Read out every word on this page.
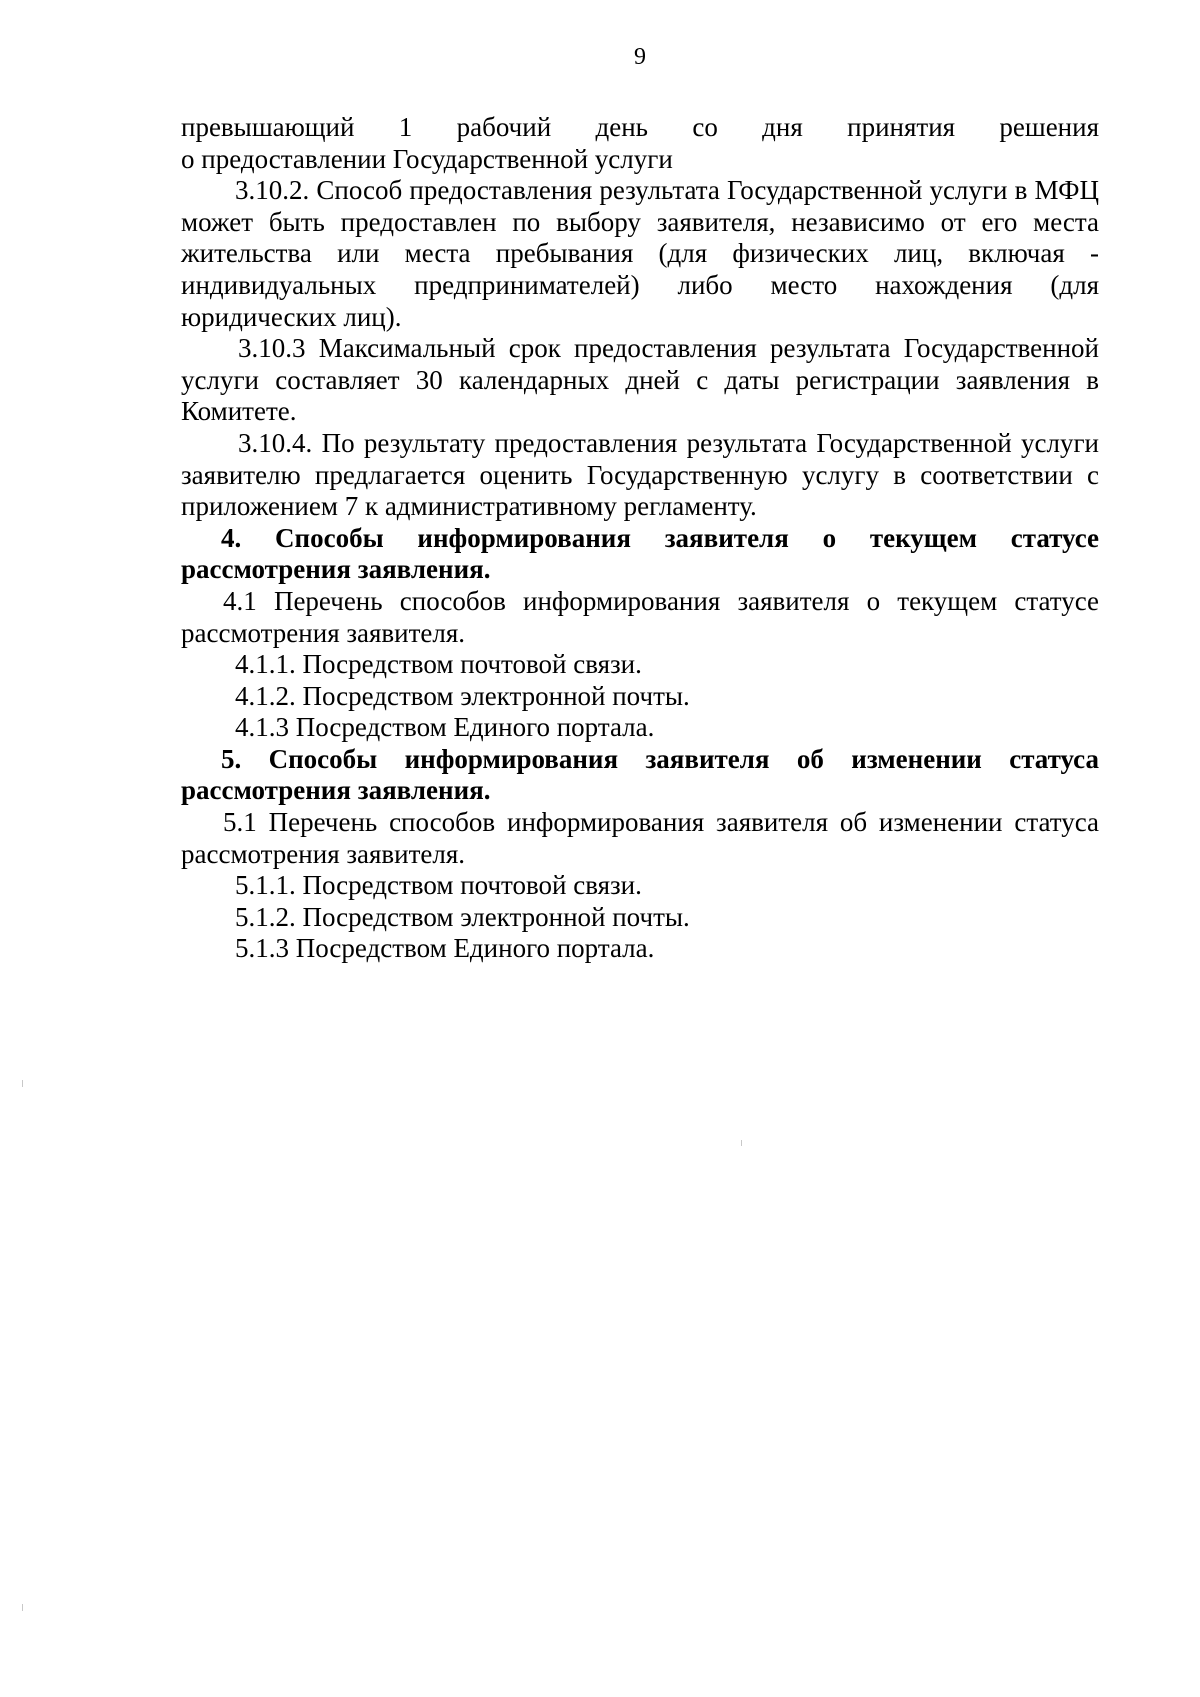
9

превышающий 1 рабочий день со дня принятия решения
о предоставлении Государственной услуги

3.10.2. Способ предоставления результата Государственной услуги в МФЦ может быть предоставлен по выбору заявителя, независимо от его места жительства или места пребывания (для физических лиц, включая - индивидуальных предпринимателей) либо место нахождения (для юридических лиц).

3.10.3 Максимальный срок предоставления результата Государственной услуги составляет 30 календарных дней с даты регистрации заявления в Комитете.

3.10.4. По результату предоставления результата Государственной услуги заявителю предлагается оценить Государственную услугу в соответствии с приложением 7 к административному регламенту.

4. Способы информирования заявителя о текущем статусе рассмотрения заявления.

4.1 Перечень способов информирования заявителя о текущем статусе рассмотрения заявителя.

4.1.1. Посредством почтовой связи.

4.1.2. Посредством электронной почты.

4.1.3 Посредством Единого портала.

5. Способы информирования заявителя об изменении статуса рассмотрения заявления.

5.1 Перечень способов информирования заявителя об изменении статуса рассмотрения заявителя.

5.1.1. Посредством почтовой связи.

5.1.2. Посредством электронной почты.

5.1.3 Посредством Единого портала.
